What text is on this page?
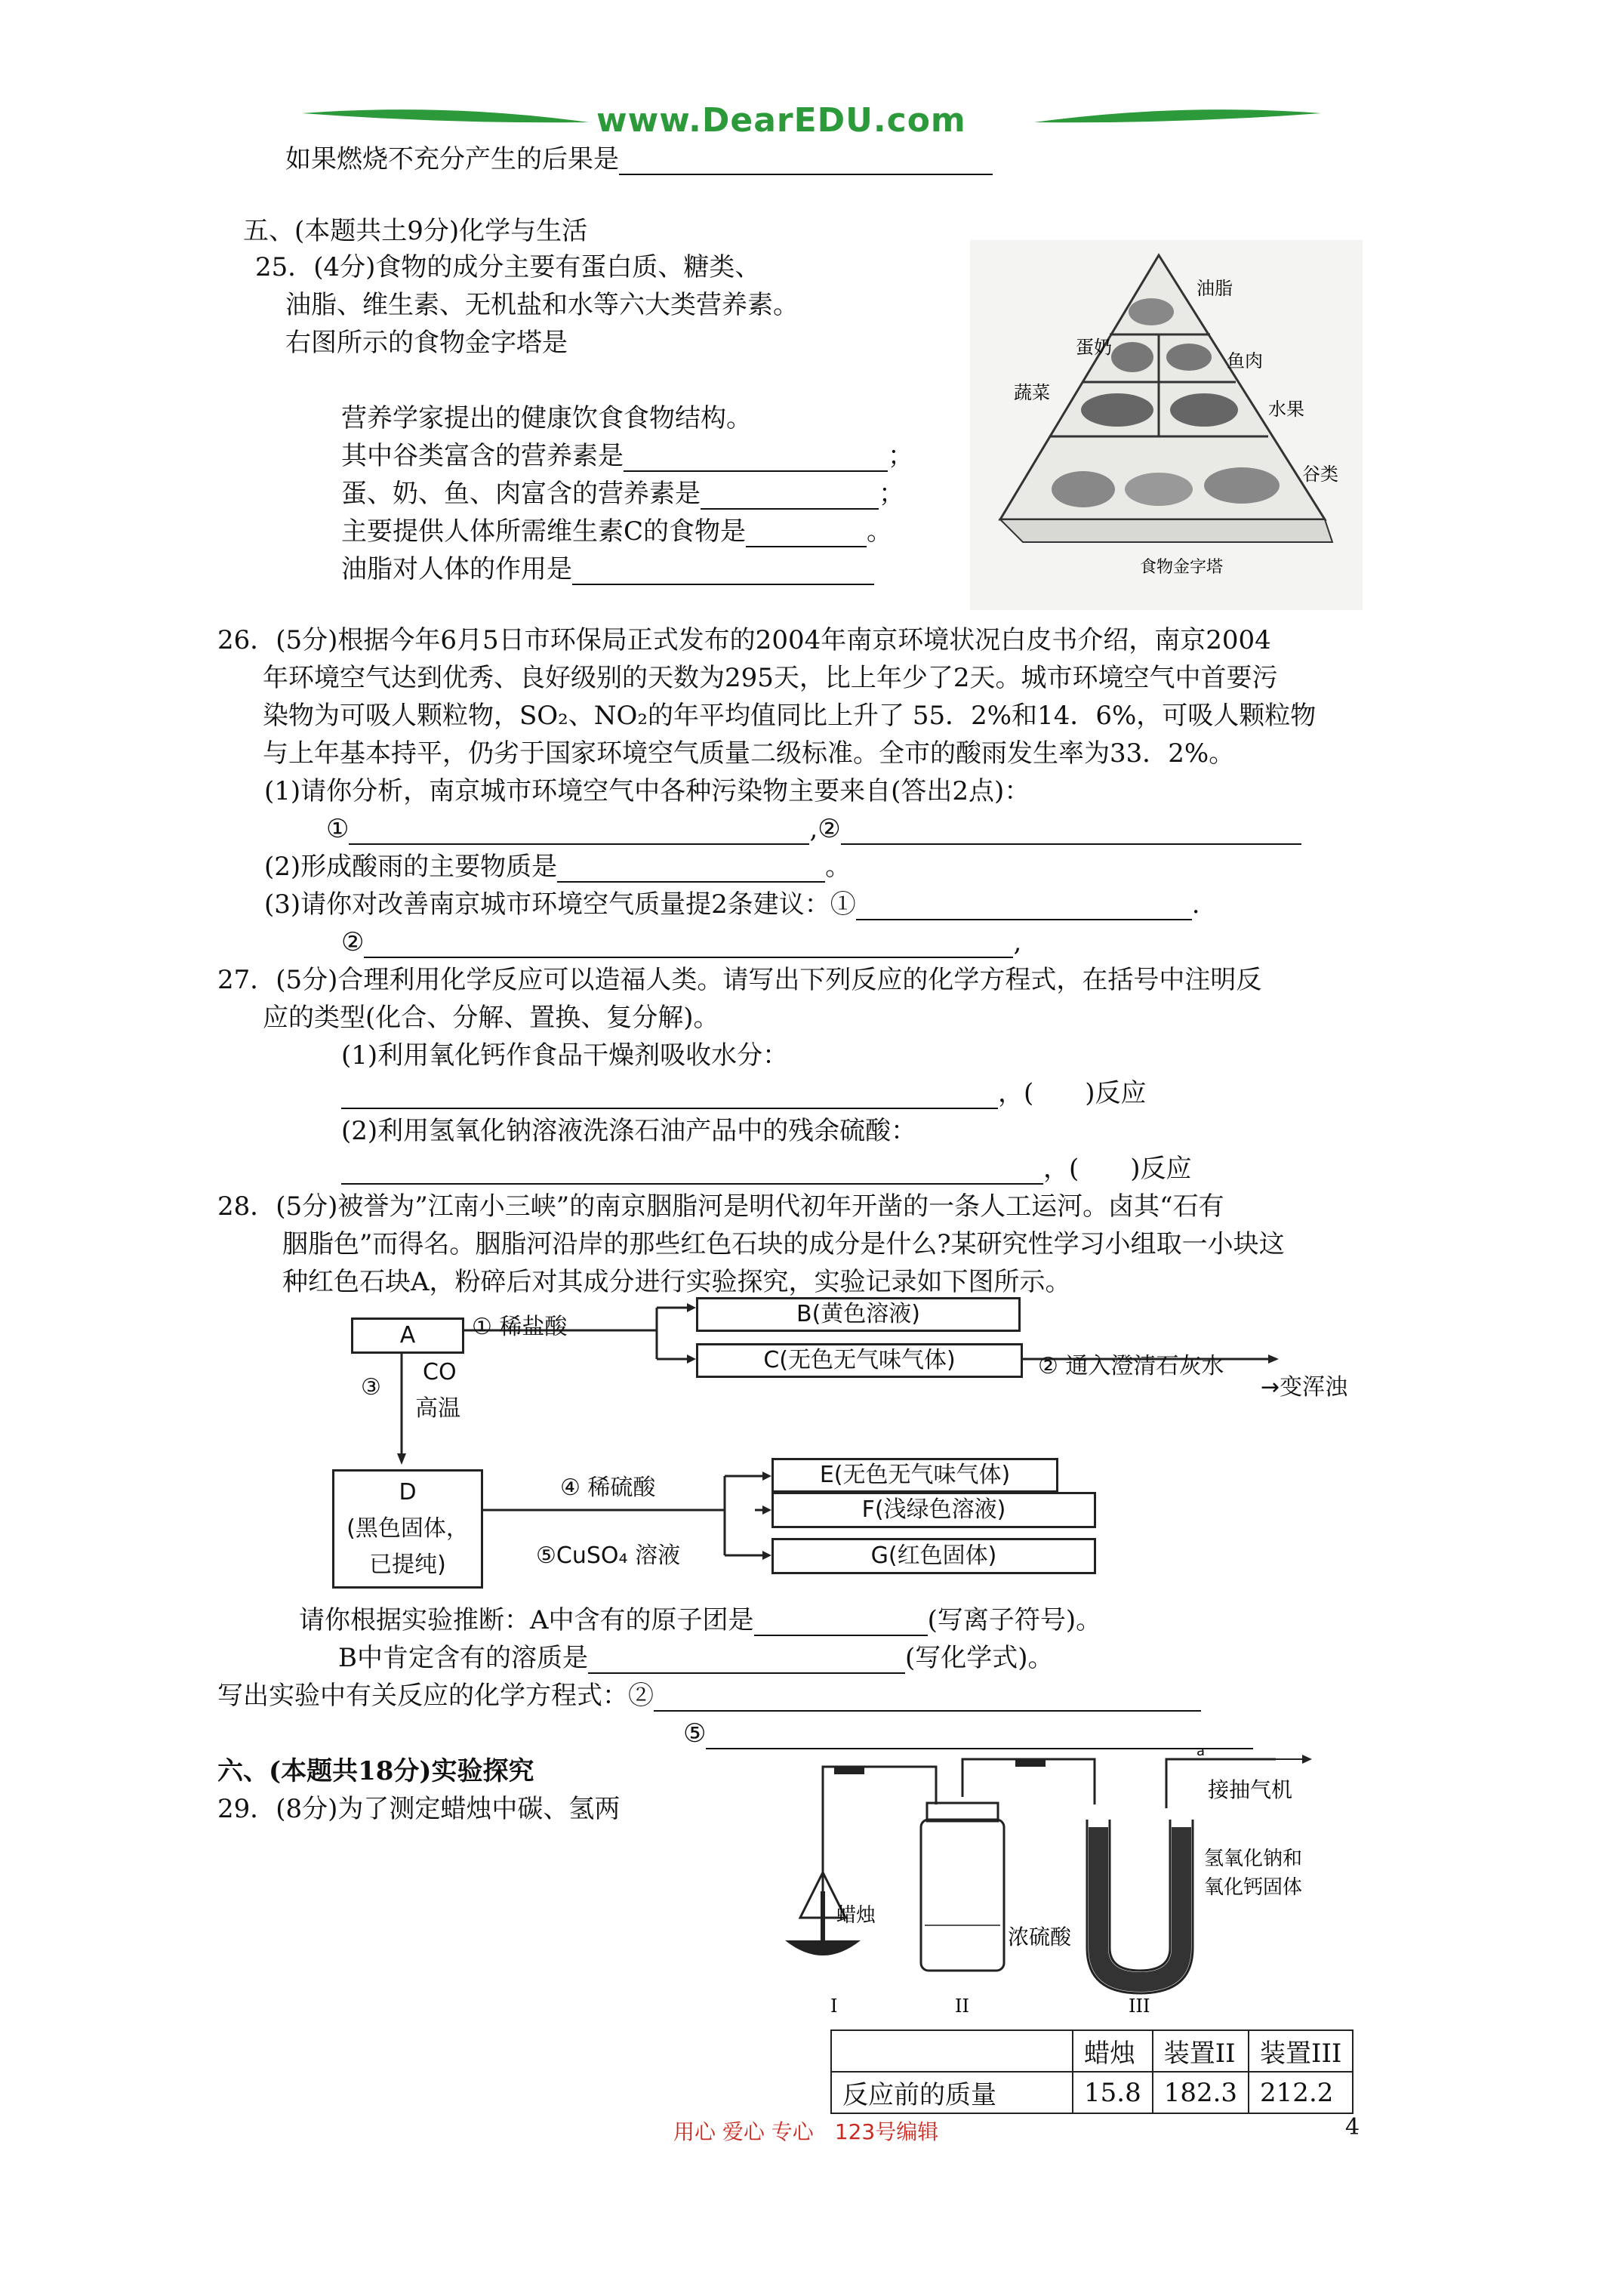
www.DearEDU.com
如果燃烧不充分产生的后果是
五、(本题共土9分)化学与生活
25．(4分)食物的成分主要有蛋白质、糖类、
油脂、维生素、无机盐和水等六大类营养素。
右图所示的食物金字塔是
营养学家提出的健康饮食食物结构。
其中谷类富含的营养素是	；
蛋、奶、鱼、肉富含的营养素是	；
主要提供人体所需维生素C的食物是	。
油脂对人体的作用是
油脂
蛋奶
鱼肉
蔬菜
水果
谷类
食物金字塔
26．(5分)根据今年6月5日市环保局正式发布的2004年南京环境状况白皮书介绍，南京2004
年环境空气达到优秀、良好级别的天数为295天，比上年少了2天。城市环境空气中首要污
染物为可吸人颗粒物，SO₂、NO₂的年平均值同比上升了 55．2%和14．6%，可吸人颗粒物
与上年基本持平，仍劣于国家环境空气质量二级标准。全市的酸雨发生率为33．2%。
(1)请你分析，南京城市环境空气中各种污染物主要来自(答出2点)：
①	,②
(2)形成酸雨的主要物质是	。
(3)请你对改善南京城市环境空气质量提2条建议：①	.
②	,
27．(5分)合理利用化学反应可以造福人类。请写出下列反应的化学方程式，在括号中注明反
应的类型(化合、分解、置换、复分解)。
(1)利用氧化钙作食品干燥剂吸收水分：
，(　　)反应
(2)利用氢氧化钠溶液洗涤石油产品中的残余硫酸：
，(　　)反应
28．(5分)被誉为”江南小三峡”的南京胭脂河是明代初年开凿的一条人工运河。卤其“石有
胭脂色”而得名。胭脂河沿岸的那些红色石块的成分是什么?某研究性学习小组取一小块这
种红色石块A，粉碎后对其成分进行实验探究，实验记录如下图所示。
A
B(黄色溶液)
C(无色无气味气体)
D
(黑色固体，
已提纯)
E(无色无气味气体)
F(浅绿色溶液)
G(红色固体)
① 稀盐酸
② 通入澄清石灰水
→变浑浊
③
CO
高温
④ 稀硫酸
⑤CuSO₄ 溶液
请你根据实验推断：A中含有的原子团是	(写离子符号)。
B中肯定含有的溶质是	(写化学式)。
写出实验中有关反应的化学方程式：②
⑤
六、(本题共18分)实验探究
29．(8分)为了测定蜡烛中碳、氢两
蜡烛
浓硫酸
氢氧化钠和
氧化钙固体
接抽气机
a
I	II	III
	蜡烛	装置II	装置III
反应前的质量	15.8	182.3	212.2
用心 爱心 专心　123号编辑	4
